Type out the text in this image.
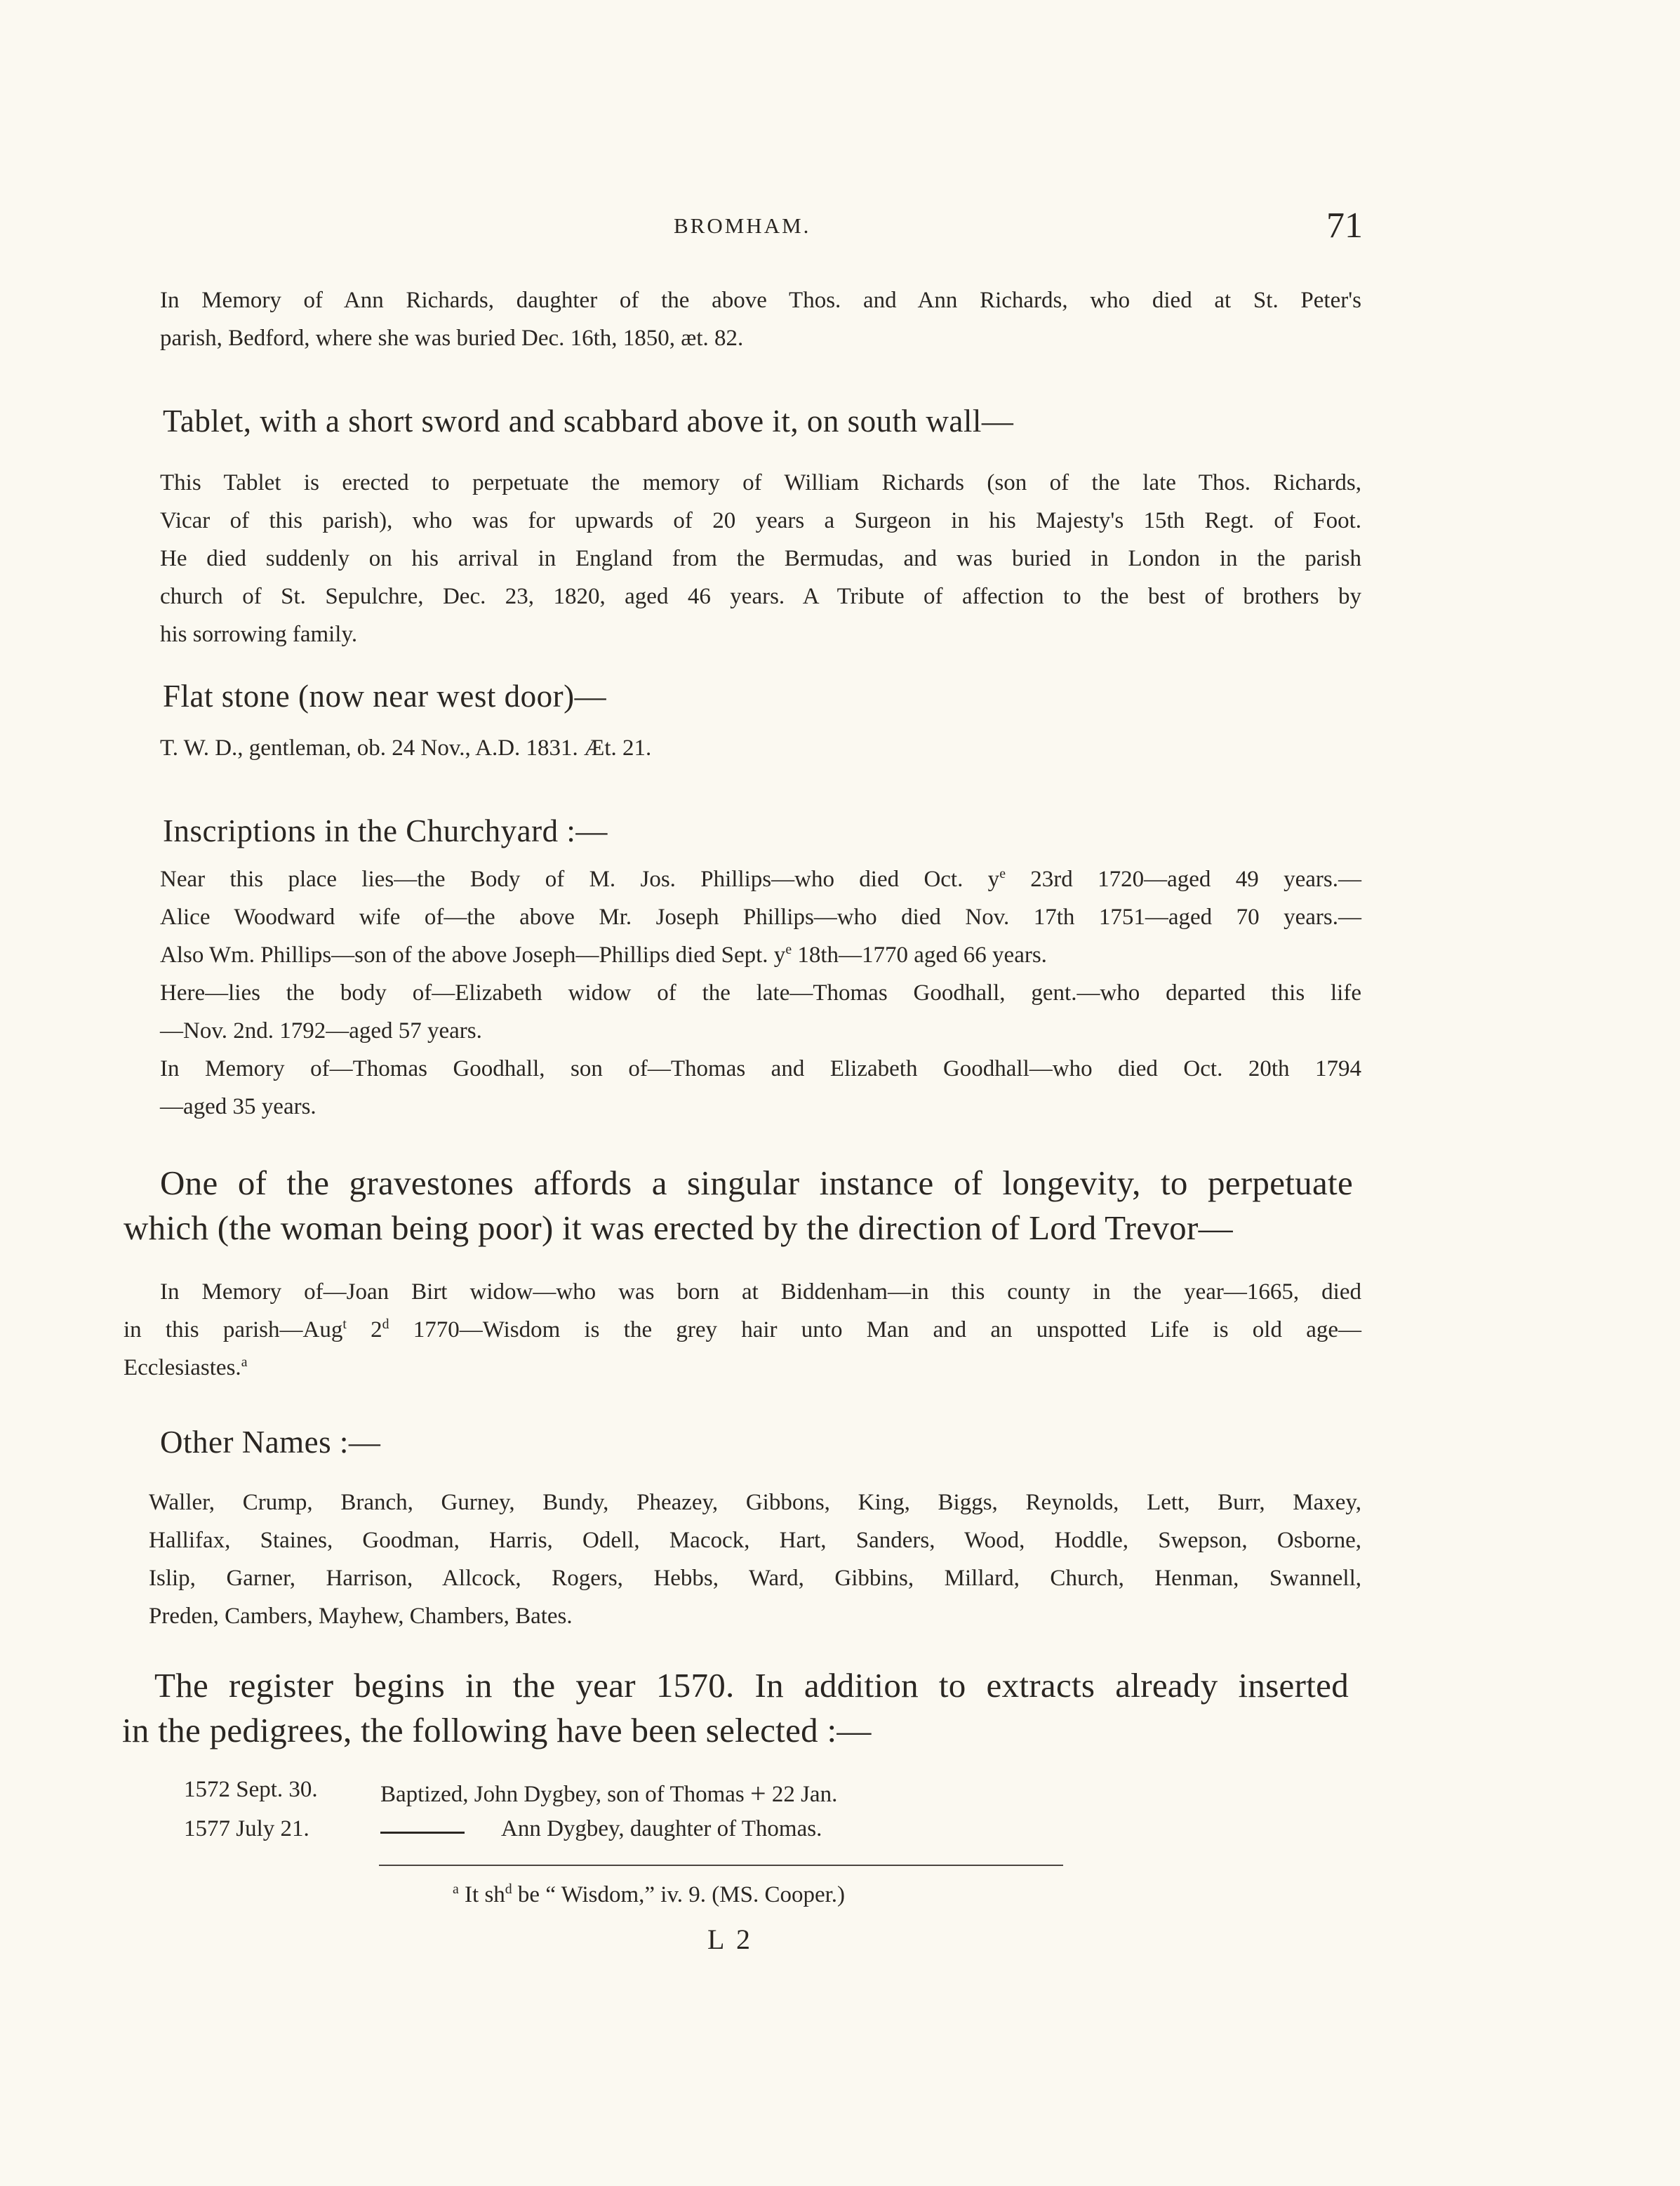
BROMHAM.	71
In Memory of Ann Richards, daughter of the above Thos. and Ann Richards, who died at St. Peter's
parish, Bedford, where she was buried Dec. 16th, 1850, æt. 82.
Tablet, with a short sword and scabbard above it, on south wall—
This Tablet is erected to perpetuate the memory of William Richards (son of the late Thos. Richards,
Vicar of this parish), who was for upwards of 20 years a Surgeon in his Majesty's 15th Regt. of Foot.
He died suddenly on his arrival in England from the Bermudas, and was buried in London in the parish
church of St. Sepulchre, Dec. 23, 1820, aged 46 years. A Tribute of affection to the best of brothers by
his sorrowing family.
Flat stone (now near west door)—
T. W. D., gentleman, ob. 24 Nov., A.D. 1831. Æt. 21.
Inscriptions in the Churchyard :—
Near this place lies—the Body of M. Jos. Phillips—who died Oct. $y^e$ 23rd 1720—aged 49 years.—
Alice Woodward wife of—the above Mr. Joseph Phillips—who died Nov. 17th 1751—aged 70 years.—
Also Wm. Phillips—son of the above Joseph—Phillips died Sept. $y^e$ 18th—1770 aged 66 years.
Here—lies the body of—Elizabeth widow of the late—Thomas Goodhall, gent.—who departed this life
—Nov. 2nd. 1792—aged 57 years.
In Memory of—Thomas Goodhall, son of—Thomas and Elizabeth Goodhall—who died Oct. 20th 1794
—aged 35 years.
One of the gravestones affords a singular instance of longevity, to perpetuate
which (the woman being poor) it was erected by the direction of Lord Trevor—
In Memory of—Joan Birt widow—who was born at Biddenham—in this county in the year—1665, died
in this parish—Aug$^t$ 2$^d$ 1770—Wisdom is the grey hair unto Man and an unspotted Life is old age—
Ecclesiastes.$^a$
Other Names :—
Waller, Crump, Branch, Gurney, Bundy, Pheazey, Gibbons, King, Biggs, Reynolds, Lett, Burr, Maxey,
Hallifax, Staines, Goodman, Harris, Odell, Macock, Hart, Sanders, Wood, Hoddle, Swepson, Osborne,
Islip, Garner, Harrison, Allcock, Rogers, Hebbs, Ward, Gibbins, Millard, Church, Henman, Swannell,
Preden, Cambers, Mayhew, Chambers, Bates.
The register begins in the year 1570. In addition to extracts already inserted
in the pedigrees, the following have been selected :—
1572 Sept. 30.	Baptized, John Dygbey, son of Thomas + 22 Jan.
1577 July 21.	Ann Dygbey, daughter of Thomas.
$^a$ It $sh^d$ be “ Wisdom,” iv. 9. (MS. Cooper.)
L 2
